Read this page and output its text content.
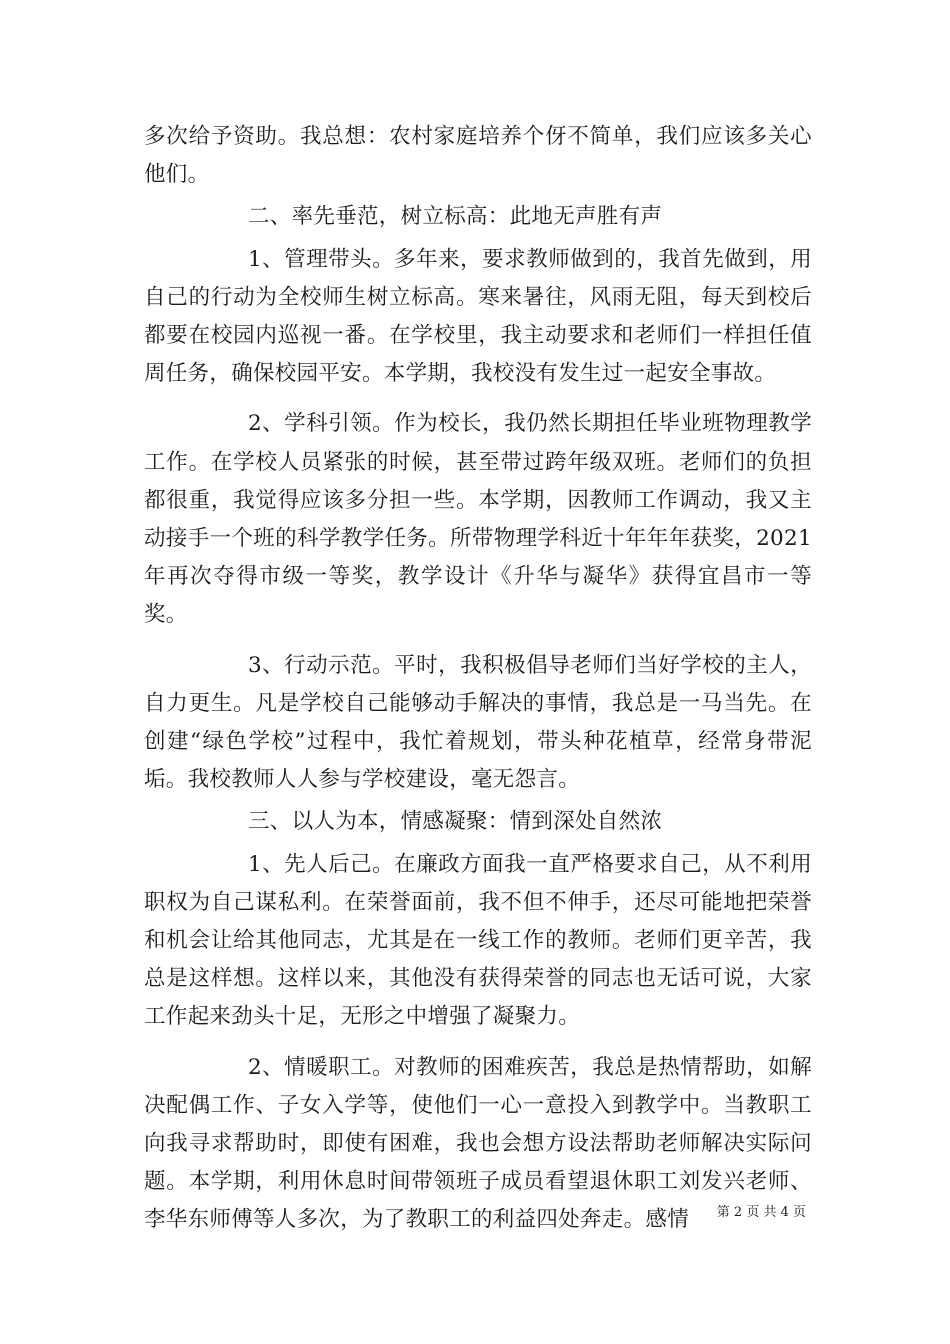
多次给予资助。我总想：农村家庭培养个伢不简单，我们应该多关心他们。

二、率先垂范，树立标高：此地无声胜有声

1、管理带头。多年来，要求教师做到的，我首先做到，用自己的行动为全校师生树立标高。寒来暑往，风雨无阻，每天到校后都要在校园内巡视一番。在学校里，我主动要求和老师们一样担任值周任务，确保校园平安。本学期，我校没有发生过一起安全事故。

2、学科引领。作为校长，我仍然长期担任毕业班物理教学工作。在学校人员紧张的时候，甚至带过跨年级双班。老师们的负担都很重，我觉得应该多分担一些。本学期，因教师工作调动，我又主动接手一个班的科学教学任务。所带物理学科近十年年年获奖，2021年再次夺得市级一等奖，教学设计《升华与凝华》获得宜昌市一等奖。

3、行动示范。平时，我积极倡导老师们当好学校的主人，自力更生。凡是学校自己能够动手解决的事情，我总是一马当先。在创建“绿色学校”过程中，我忙着规划，带头种花植草，经常身带泥垢。我校教师人人参与学校建设，毫无怨言。

三、以人为本，情感凝聚：情到深处自然浓

1、先人后己。在廉政方面我一直严格要求自己，从不利用职权为自己谋私利。在荣誉面前，我不但不伸手，还尽可能地把荣誉和机会让给其他同志，尤其是在一线工作的教师。老师们更辛苦，我总是这样想。这样以来，其他没有获得荣誉的同志也无话可说，大家工作起来劲头十足，无形之中增强了凝聚力。

2、情暖职工。对教师的困难疾苦，我总是热情帮助，如解决配偶工作、子女入学等，使他们一心一意投入到教学中。当教职工向我寻求帮助时，即使有困难，我也会想方设法帮助老师解决实际问题。本学期，利用休息时间带领班子成员看望退休职工刘发兴老师、李华东师傅等人多次，为了教职工的利益四处奔走。感情	第 2 页 共 4 页
